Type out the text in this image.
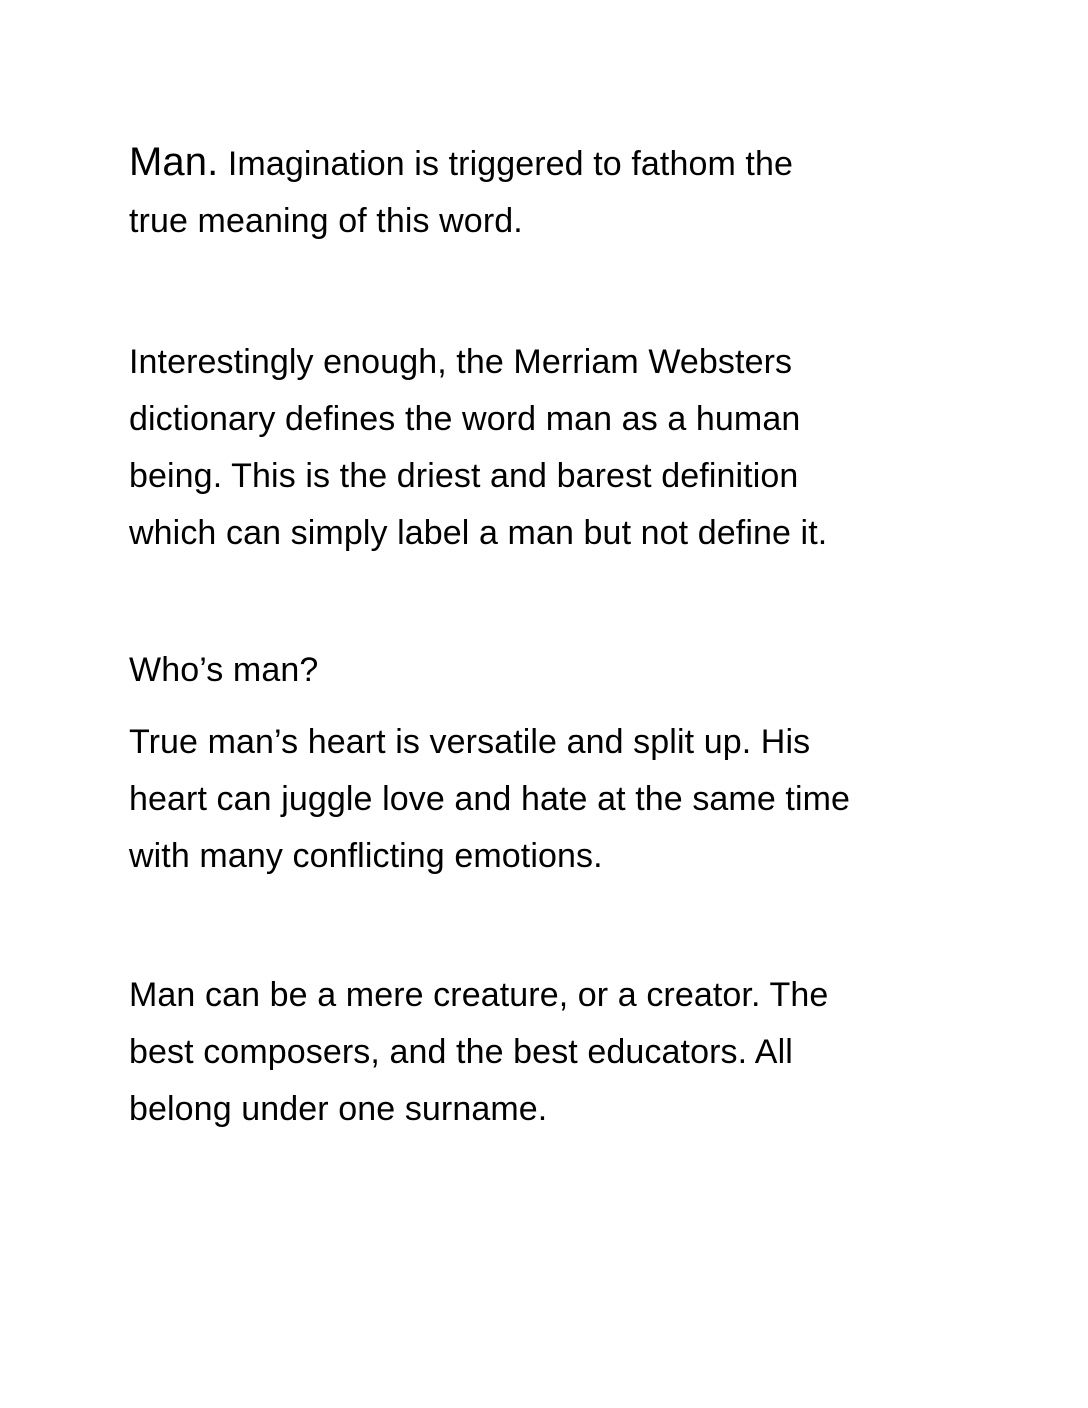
Man. Imagination is triggered to fathom the
true meaning of this word.

Interestingly enough, the Merriam Websters
dictionary defines the word man as a human
being. This is the driest and barest definition
which can simply label a man but not define it.

Who’s man?

True man’s heart is versatile and split up. His
heart can juggle love and hate at the same time
with many conflicting emotions.

Man can be a mere creature, or a creator. The
best composers, and the best educators. All
belong under one surname.
